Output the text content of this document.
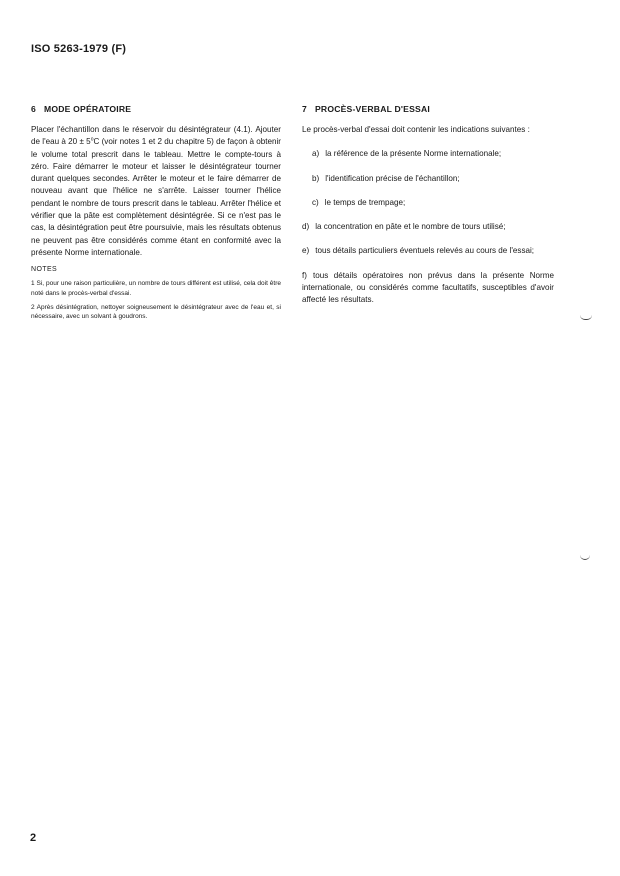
ISO 5263-1979 (F)
6 MODE OPÉRATOIRE

Placer l'échantillon dans le réservoir du désintégrateur (4.1). Ajouter de l'eau à $20 \pm 5^oC$ (voir notes 1 et 2 du chapitre 5) de façon à obtenir le volume total prescrit dans le tableau. Mettre le compte-tours à zéro. Faire démarrer le moteur et laisser le désintégrateur tourner durant quelques secondes. Arrêter le moteur et le faire démarrer de nouveau avant que l'hélice ne s'arrête. Laisser tourner l'hélice pendant le nombre de tours prescrit dans le tableau. Arrêter l'hélice et vérifier que la pâte est complètement désintégrée. Si ce n'est pas le cas, la désintégration peut être poursuivie, mais les résultats obtenus ne peuvent pas être considérés comme étant en conformité avec la présente Norme internationale.

NOTES

1 Si, pour une raison particulière, un nombre de tours différent est utilisé, cela doit être noté dans le procès-verbal d'essai.

2 Après désintégration, nettoyer soigneusement le désintégrateur avec de l'eau et, si nécessaire, avec un solvant à goudrons.

7 PROCÈS-VERBAL D'ESSAI

Le procès-verbal d'essai doit contenir les indications suivantes :

a) la référence de la présente Norme internationale;

b) l'identification précise de l'échantillon;

c) le temps de trempage;

d) la concentration en pâte et le nombre de tours utilisé;

e) tous détails particuliers éventuels relevés au cours de l'essai;

f) tous détails opératoires non prévus dans la présente Norme internationale, ou considérés comme facultatifs, susceptibles d'avoir affecté les résultats.

2
